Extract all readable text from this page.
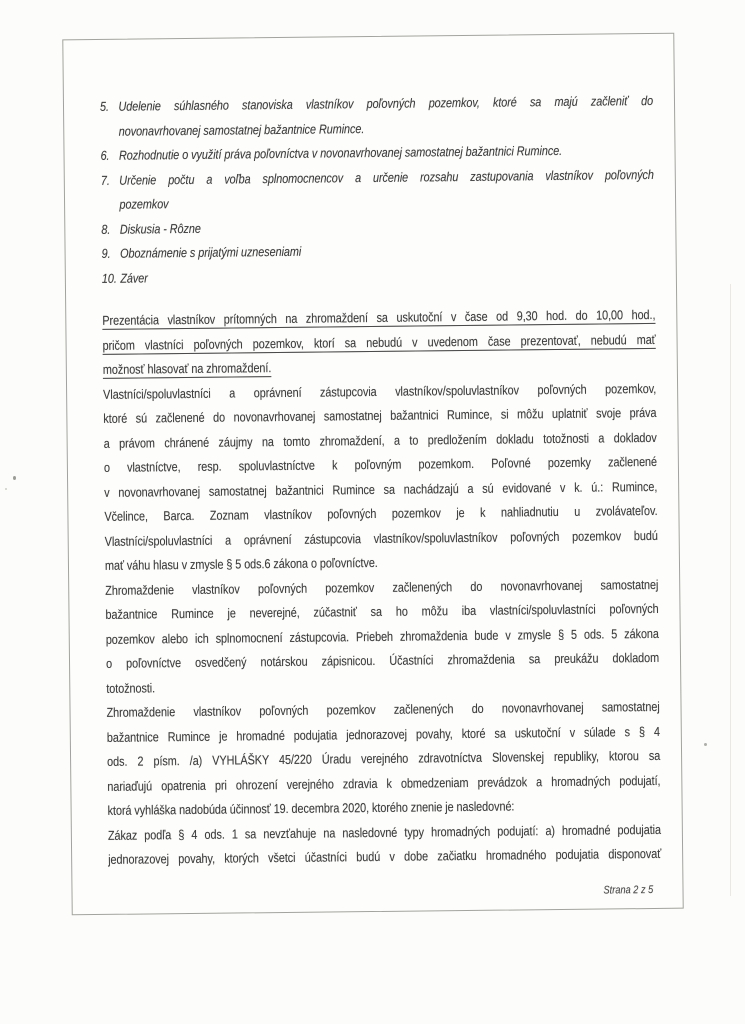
5. Udelenie súhlasného stanoviska vlastníkov poľovných pozemkov, ktoré sa majú začleniť do
novonavrhovanej samostatnej bažantnice Rumince.
6. Rozhodnutie o využití práva poľovníctva v novonavrhovanej samostatnej bažantnici Rumince.
7. Určenie počtu a voľba splnomocnencov a určenie rozsahu zastupovania vlastníkov poľovných
pozemkov
8. Diskusia - Rôzne
9. Oboznámenie s prijatými uzneseniami
10. Záver
Prezentácia vlastníkov prítomných na zhromaždení sa uskutoční v čase od 9,30 hod. do 10,00 hod.,
pričom vlastníci poľovných pozemkov, ktorí sa nebudú v uvedenom čase prezentovať, nebudú mať
možnosť hlasovať na zhromaždení.
Vlastníci/spoluvlastníci a oprávnení zástupcovia vlastníkov/spoluvlastníkov poľovných pozemkov,
ktoré sú začlenené do novonavrhovanej samostatnej bažantnici Rumince, si môžu uplatniť svoje práva
a právom chránené záujmy na tomto zhromaždení, a to predložením dokladu totožnosti a dokladov
o vlastníctve, resp. spoluvlastníctve k poľovným pozemkom. Poľovné pozemky začlenené
v novonavrhovanej samostatnej bažantnici Rumince sa nachádzajú a sú evidované v k. ú.: Rumince,
Včelince, Barca. Zoznam vlastníkov poľovných pozemkov je k nahliadnutiu u zvolávateľov.
Vlastníci/spoluvlastníci a oprávnení zástupcovia vlastníkov/spoluvlastníkov poľovných pozemkov budú
mať váhu hlasu v zmysle § 5 ods.6 zákona o poľovníctve.
Zhromaždenie vlastníkov poľovných pozemkov začlenených do novonavrhovanej samostatnej
bažantnice Rumince je neverejné, zúčastniť sa ho môžu iba vlastníci/spoluvlastníci poľovných
pozemkov alebo ich splnomocnení zástupcovia. Priebeh zhromaždenia bude v zmysle § 5 ods. 5 zákona
o poľovníctve osvedčený notárskou zápisnicou. Účastníci zhromaždenia sa preukážu dokladom
totožnosti.
Zhromaždenie vlastníkov poľovných pozemkov začlenených do novonavrhovanej samostatnej
bažantnice Rumince je hromadné podujatia jednorazovej povahy, ktoré sa uskutoční v súlade s § 4
ods. 2 písm. /a) VYHLÁŠKY 45/220 Úradu verejného zdravotníctva Slovenskej republiky, ktorou sa
nariaďujú opatrenia pri ohrození verejného zdravia k obmedzeniam prevádzok a hromadných podujatí,
ktorá vyhláška nadobúda účinnosť 19. decembra 2020, ktorého znenie je nasledovné:
Zákaz podľa § 4 ods. 1 sa nevzťahuje na nasledovné typy hromadných podujatí: a) hromadné podujatia
jednorazovej povahy, ktorých všetci účastníci budú v dobe začiatku hromadného podujatia disponovať
Strana 2 z 5
